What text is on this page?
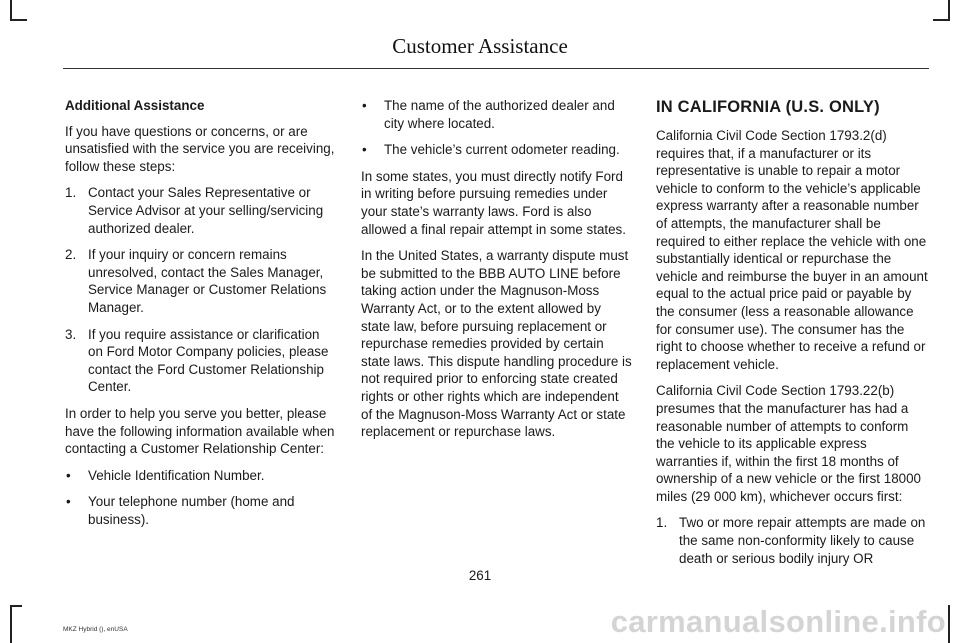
Customer Assistance

Additional Assistance

If you have questions or concerns, or are unsatisfied with the service you are receiving, follow these steps:

1. Contact your Sales Representative or Service Advisor at your selling/servicing authorized dealer.
2. If your inquiry or concern remains unresolved, contact the Sales Manager, Service Manager or Customer Relations Manager.
3. If you require assistance or clarification on Ford Motor Company policies, please contact the Ford Customer Relationship Center.

In order to help you serve you better, please have the following information available when contacting a Customer Relationship Center:

• Vehicle Identification Number.
• Your telephone number (home and business).
• The name of the authorized dealer and city where located.
• The vehicle’s current odometer reading.

In some states, you must directly notify Ford in writing before pursuing remedies under your state’s warranty laws. Ford is also allowed a final repair attempt in some states.

In the United States, a warranty dispute must be submitted to the BBB AUTO LINE before taking action under the Magnuson-Moss Warranty Act, or to the extent allowed by state law, before pursuing replacement or repurchase remedies provided by certain state laws. This dispute handling procedure is not required prior to enforcing state created rights or other rights which are independent of the Magnuson-Moss Warranty Act or state replacement or repurchase laws.

IN CALIFORNIA (U.S. ONLY)

California Civil Code Section 1793.2(d) requires that, if a manufacturer or its representative is unable to repair a motor vehicle to conform to the vehicle’s applicable express warranty after a reasonable number of attempts, the manufacturer shall be required to either replace the vehicle with one substantially identical or repurchase the vehicle and reimburse the buyer in an amount equal to the actual price paid or payable by the consumer (less a reasonable allowance for consumer use). The consumer has the right to choose whether to receive a refund or replacement vehicle.

California Civil Code Section 1793.22(b) presumes that the manufacturer has had a reasonable number of attempts to conform the vehicle to its applicable express warranties if, within the first 18 months of ownership of a new vehicle or the first 18000 miles (29 000 km), whichever occurs first:

1. Two or more repair attempts are made on the same non-conformity likely to cause death or serious bodily injury OR
261
MKZ Hybrid (), enUSA	carmanualsonline.info
